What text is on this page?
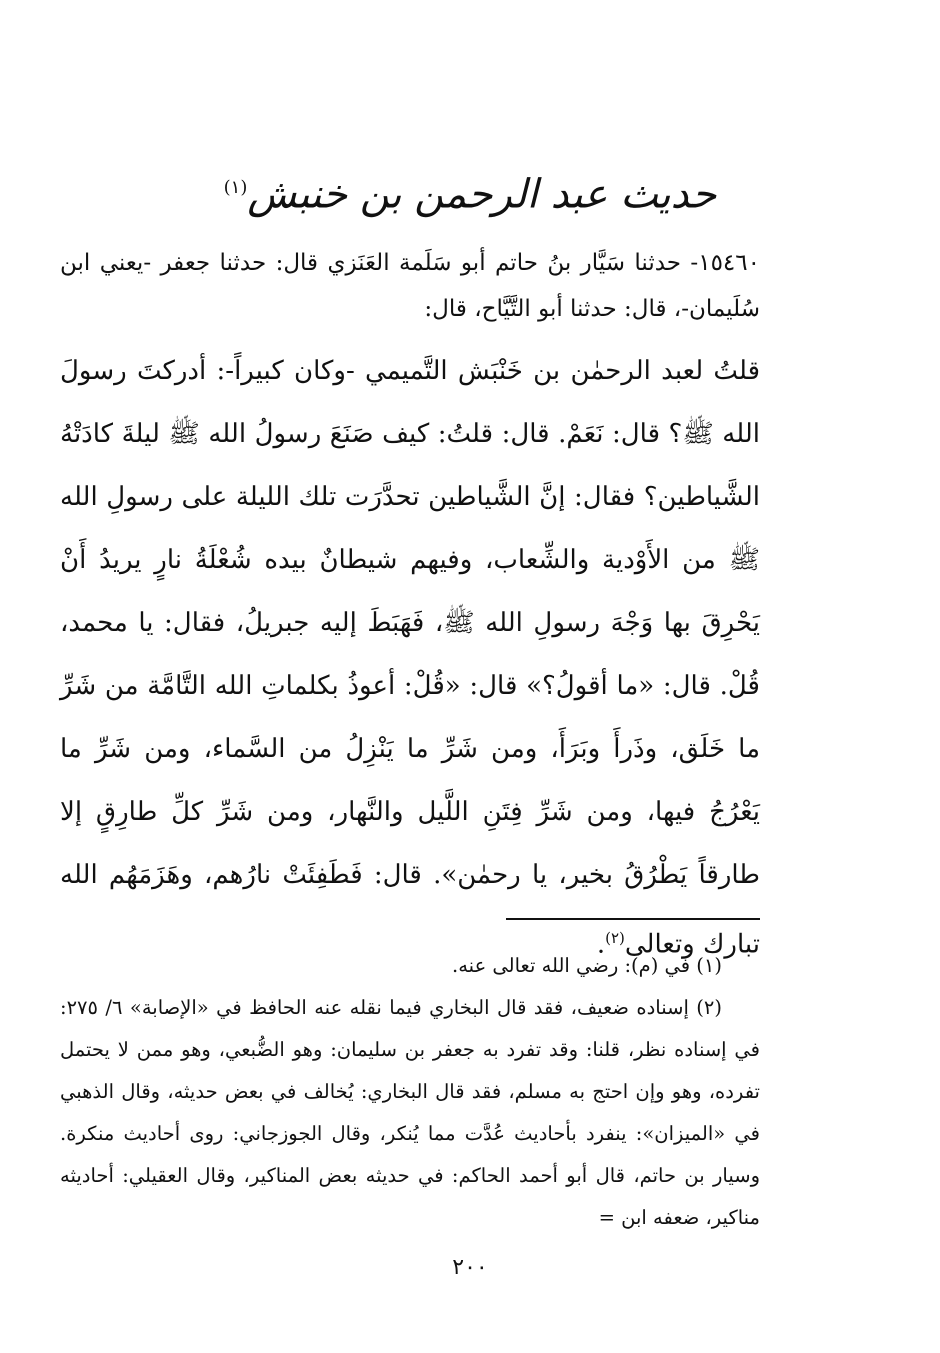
حديث عبد الرحمن بن خنبش$^{(١)}$
١٥٤٦٠- حدثنا سَيَّار بنُ حاتم أبو سَلَمة العَنَزي قال: حدثنا جعفر -يعني ابن سُلَيمان-، قال: حدثنا أبو التَّيَّاح، قال:
قلتُ لعبد الرحمٰن بن خَنْبَش التَّميمي -وكان كبيراً-: أدركتَ رسولَ الله ﷺ؟ قال: نَعَمْ. قال: قلتُ: كيف صَنَعَ رسولُ الله ﷺ ليلةَ كادَتْهُ الشَّياطين؟ فقال: إنَّ الشَّياطين تحدَّرَت تلك الليلة على رسولِ الله ﷺ من الأَوْدية والشِّعاب، وفيهم شيطانٌ بيده شُعْلَةُ نارٍ يريدُ أَنْ يَحْرِقَ بها وَجْهَ رسولِ الله ﷺ، فَهَبَطَ إليه جبريلُ، فقال: يا محمد، قُلْ. قال: «ما أقولُ؟» قال: «قُلْ: أعوذُ بكلماتِ الله التَّامَّة من شَرِّ ما خَلَق، وذَرأَ وبَرَأَ، ومن شَرِّ ما يَنْزِلُ من السَّماء، ومن شَرِّ ما يَعْرُجُ فيها، ومن شَرِّ فِتَنِ اللَّيل والنَّهار، ومن شَرِّ كلِّ طارِقٍ إلا طارقاً يَطْرُقُ بخير، يا رحمٰن». قال: فَطَفِئَتْ نارُهم، وهَزَمَهُم الله تبارك وتعالى$^{(٢)}$.

(١) في (م): رضي الله تعالى عنه.

(٢) إسناده ضعيف، فقد قال البخاري فيما نقله عنه الحافظ في «الإصابة» ٦/ ٢٧٥: في إسناده نظر، قلنا: وقد تفرد به جعفر بن سليمان: وهو الضُّبعي، وهو ممن لا يحتمل تفرده، وهو وإن احتج به مسلم، فقد قال البخاري: يُخالف في بعض حديثه، وقال الذهبي في «الميزان»: ينفرد بأحاديث عُدَّت مما يُنكر، وقال الجوزجاني: روى أحاديث منكرة. وسيار بن حاتم، قال أبو أحمد الحاكم: في حديثه بعض المناكير، وقال العقيلي: أحاديثه مناكير، ضعفه ابن =

٢٠٠
